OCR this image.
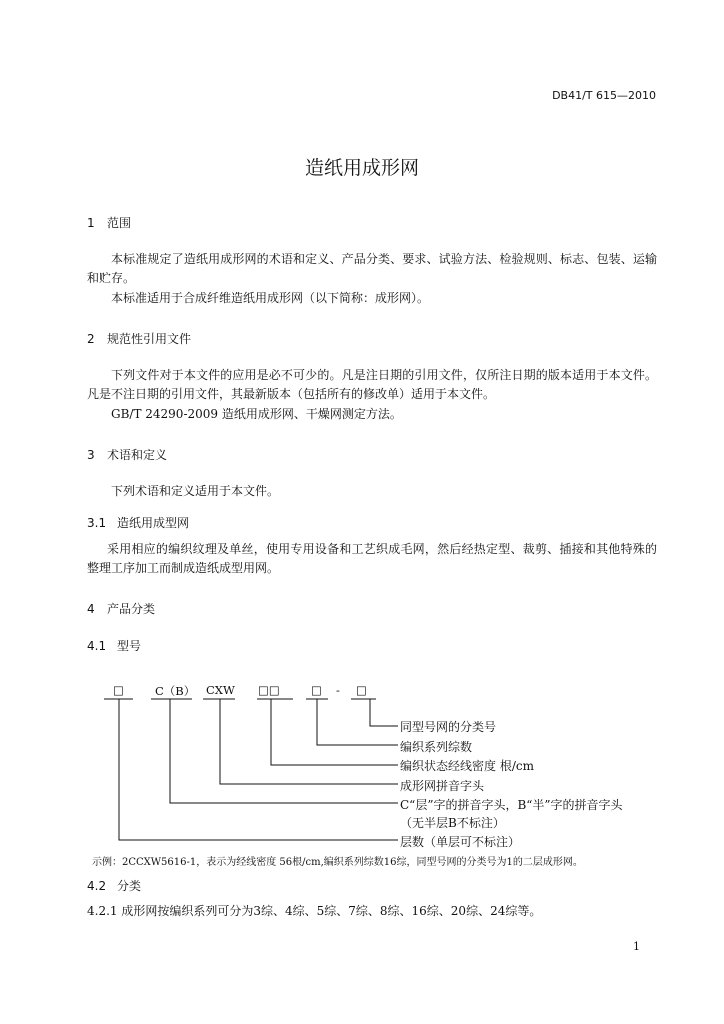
DB41/T 615—2010
造纸用成形网
1 范围
本标准规定了造纸用成形网的术语和定义、产品分类、要求、试验方法、检验规则、标志、包装、运输和贮存。
本标准适用于合成纤维造纸用成形网（以下简称：成形网）。
2 规范性引用文件
下列文件对于本文件的应用是必不可少的。凡是注日期的引用文件，仅所注日期的版本适用于本文件。凡是不注日期的引用文件，其最新版本（包括所有的修改单）适用于本文件。
GB/T 24290-2009 造纸用成形网、干燥网测定方法。
3 术语和定义
下列术语和定义适用于本文件。
3.1 造纸用成型网
采用相应的编织纹理及单丝，使用专用设备和工艺织成毛网，然后经热定型、裁剪、插接和其他特殊的整理工序加工而制成造纸成型用网。
4 产品分类
4.1 型号
□	C（B） CXW □□	□ - □
同型号网的分类号
编织系列综数
编织状态经线密度 根/cm
成形网拼音字头
C“层”字的拼音字头，B“半”字的拼音字头
（无半层B不标注）
层数（单层可不标注）
示例：2CCXW5616-1，表示为经线密度 56根/cm,编织系列综数16综，同型号网的分类号为1的二层成形网。
4.2 分类
4.2.1 成形网按编织系列可分为3综、4综、5综、7综、8综、16综、20综、24综等。
1
